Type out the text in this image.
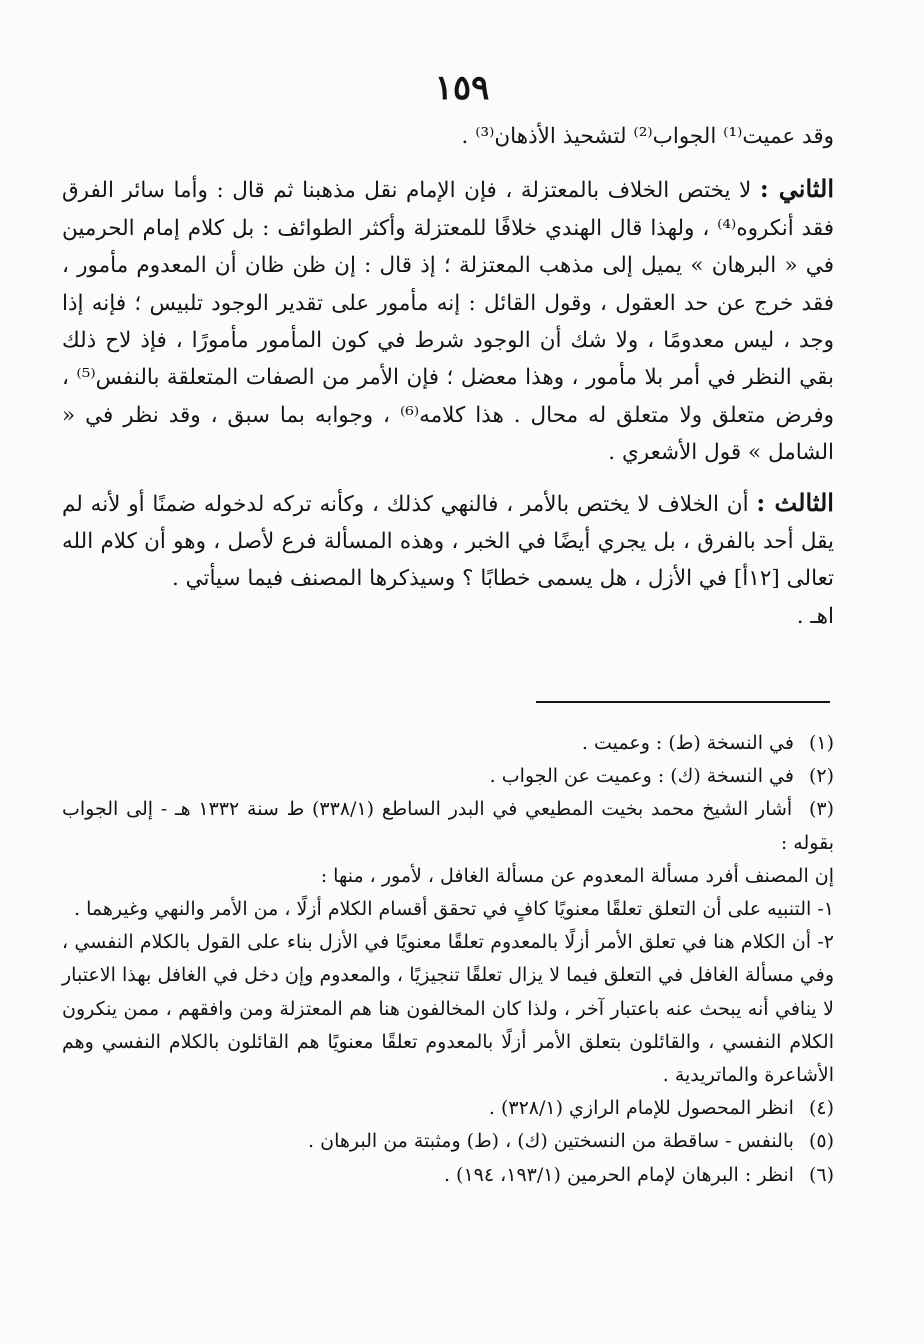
١٥٩

وقد عميت⁽¹⁾ الجواب⁽²⁾ لتشحيذ الأذهان⁽³⁾ .

الثاني : لا يختص الخلاف بالمعتزلة ، فإن الإمام نقل مذهبنا ثم قال : وأما سائر الفرق فقد أنكروه⁽⁴⁾ ، ولهذا قال الهندي خلافًا للمعتزلة وأكثر الطوائف : بل كلام إمام الحرمين في « البرهان » يميل إلى مذهب المعتزلة ؛ إذ قال : إن ظن ظان أن المعدوم مأمور ، فقد خرج عن حد العقول ، وقول القائل : إنه مأمور على تقدير الوجود تلبيس ؛ فإنه إذا وجد ، ليس معدومًا ، ولا شك أن الوجود شرط في كون المأمور مأمورًا ، فإذ لاح ذلك بقي النظر في أمر بلا مأمور ، وهذا معضل ؛ فإن الأمر من الصفات المتعلقة بالنفس⁽⁵⁾ ، وفرض متعلق ولا متعلق له محال . هذا كلامه⁽⁶⁾ ، وجوابه بما سبق ، وقد نظر في « الشامل » قول الأشعري .

الثالث : أن الخلاف لا يختص بالأمر ، فالنهي كذلك ، وكأنه تركه لدخوله ضمنًا أو لأنه لم يقل أحد بالفرق ، بل يجري أيضًا في الخبر ، وهذه المسألة فرع لأصل ، وهو أن كلام الله تعالى [١٢أ] في الأزل ، هل يسمى خطابًا ؟ وسيذكرها المصنف فيما سيأتي .

اهـ .

(١) في النسخة (ط) : وعميت .

(٢) في النسخة (ك) : وعميت عن الجواب .

(٣) أشار الشيخ محمد بخيت المطيعي في البدر الساطع (٣٣٨/١) ط سنة ١٣٣٢ هـ - إلى الجواب بقوله :

إن المصنف أفرد مسألة المعدوم عن مسألة الغافل ، لأمور ، منها :

١- التنبيه على أن التعلق تعلقًا معنويًا كافٍ في تحقق أقسام الكلام أزلًا ، من الأمر والنهي وغيرهما .

٢- أن الكلام هنا في تعلق الأمر أزلًا بالمعدوم تعلقًا معنويًا في الأزل بناء على القول بالكلام النفسي ، وفي مسألة الغافل في التعلق فيما لا يزال تعلقًا تنجيزيًا ، والمعدوم وإن دخل في الغافل بهذا الاعتبار لا ينافي أنه يبحث عنه باعتبار آخر ، ولذا كان المخالفون هنا هم المعتزلة ومن وافقهم ، ممن ينكرون الكلام النفسي ، والقائلون بتعلق الأمر أزلًا بالمعدوم تعلقًا معنويًا هم القائلون بالكلام النفسي وهم الأشاعرة والماتريدية .

(٤) انظر المحصول للإمام الرازي (٣٢٨/١) .

(٥) بالنفس - ساقطة من النسختين (ك) ، (ط) ومثبتة من البرهان .

(٦) انظر : البرهان لإمام الحرمين (١٩٣/١، ١٩٤) .
